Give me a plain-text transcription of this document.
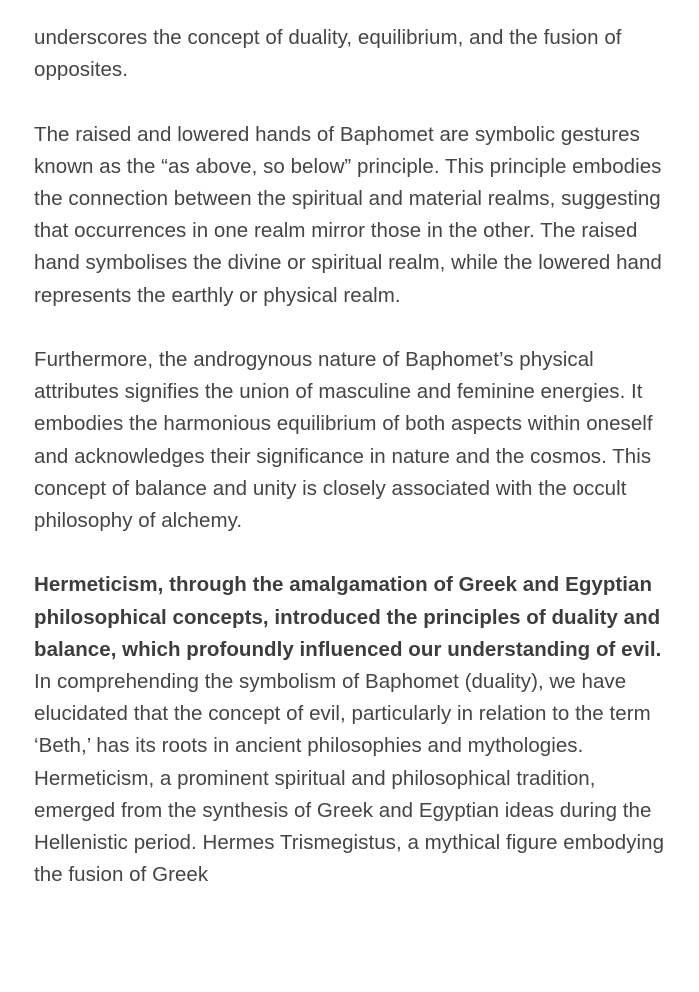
underscores the concept of duality, equilibrium, and the fusion of opposites.

The raised and lowered hands of Baphomet are symbolic gestures known as the “as above, so below” principle. This principle embodies the connection between the spiritual and material realms, suggesting that occurrences in one realm mirror those in the other. The raised hand symbolises the divine or spiritual realm, while the lowered hand represents the earthly or physical realm.

Furthermore, the androgynous nature of Baphomet’s physical attributes signifies the union of masculine and feminine energies. It embodies the harmonious equilibrium of both aspects within oneself and acknowledges their significance in nature and the cosmos. This concept of balance and unity is closely associated with the occult philosophy of alchemy.

Hermeticism, through the amalgamation of Greek and Egyptian philosophical concepts, introduced the principles of duality and balance, which profoundly influenced our understanding of evil.

In comprehending the symbolism of Baphomet (duality), we have elucidated that the concept of evil, particularly in relation to the term ‘Beth,’ has its roots in ancient philosophies and mythologies. Hermeticism, a prominent spiritual and philosophical tradition, emerged from the synthesis of Greek and Egyptian ideas during the Hellenistic period. Hermes Trismegistus, a mythical figure embodying the fusion of Greek
